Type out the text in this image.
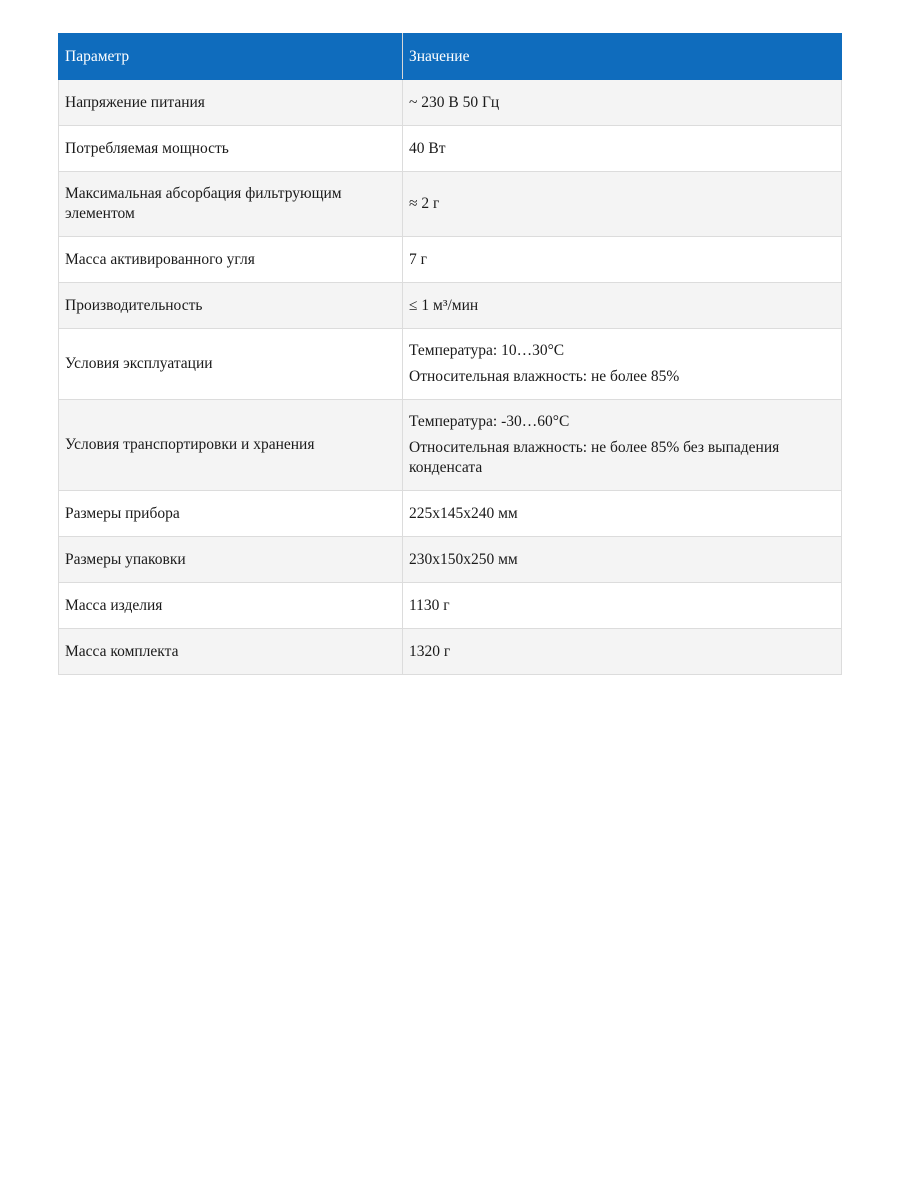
Параметр	Значение
Напряжение питания	~ 230 В 50 Гц

Потребляемая мощность	40 Вт

Максимальная абсорбация фильтрующим элементом	≈ 2 г

Масса активированного угля	7 г

Производительность	≤ 1 м³/мин

Условия эксплуатации	Температура: 10…30°C
Относительная влажность: не более 85%

Условия транспортировки и хранения	Температура: -30…60°C
Относительная влажность: не более 85% без выпадения конденсата

Размеры прибора	225x145x240 мм

Размеры упаковки	230x150x250 мм

Масса изделия	1130 г

Масса комплекта	1320 г
